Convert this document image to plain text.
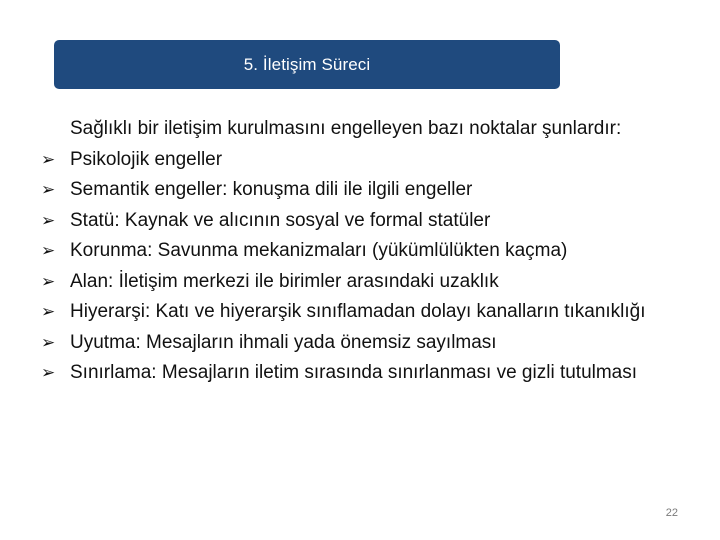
5. İletişim Süreci

Sağlıklı bir iletişim kurulmasını engelleyen bazı noktalar şunlardır:

➢ Psikolojik engeller
➢ Semantik engeller: konuşma dili ile ilgili engeller
➢ Statü: Kaynak ve alıcının sosyal ve formal statüler
➢ Korunma: Savunma mekanizmaları (yükümlülükten kaçma)
➢ Alan: İletişim merkezi ile birimler arasındaki uzaklık
➢ Hiyerarşi: Katı ve hiyerarşik sınıflamadan dolayı kanalların tıkanıklığı
➢ Uyutma: Mesajların ihmali yada önemsiz sayılması
➢ Sınırlama: Mesajların iletim sırasında sınırlanması ve gizli tutulması
22
